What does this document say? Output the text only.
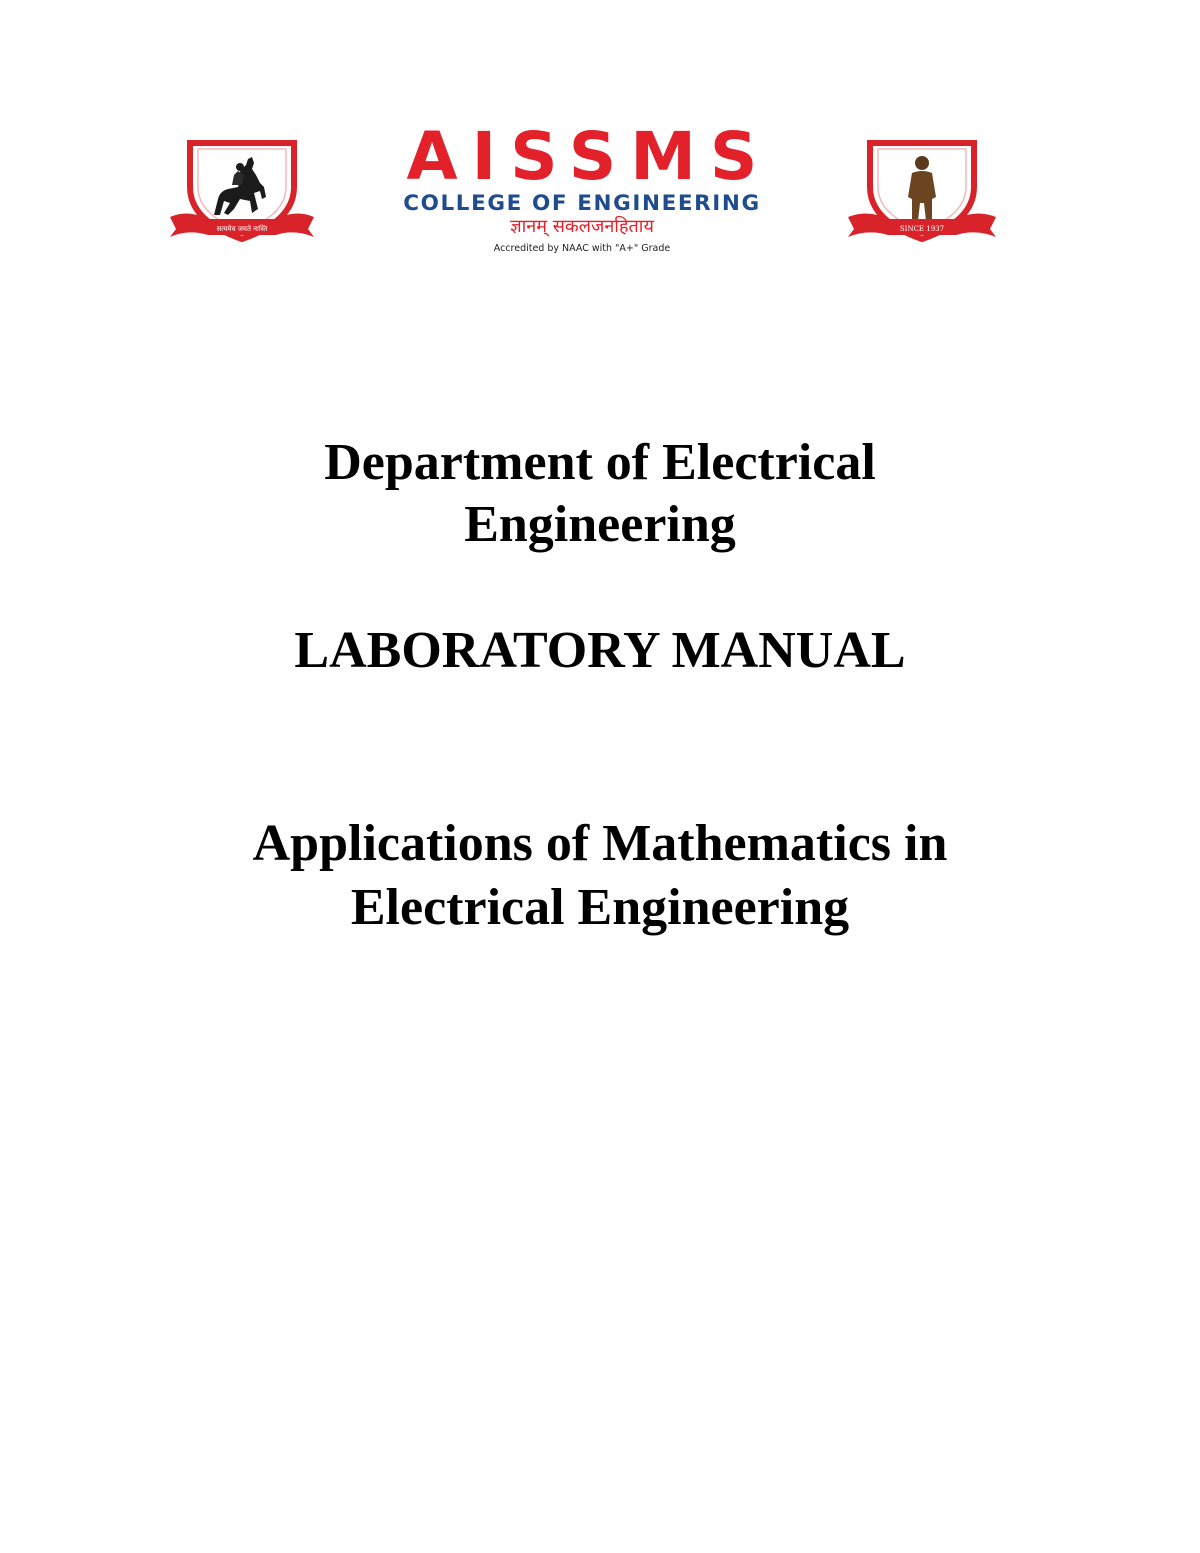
सत्यमेव जयते नास्ति
AISSMS
COLLEGE OF ENGINEERING
ज्ञानम् सकलजनहिताय
Accredited by NAAC with "A+" Grade
SINCE 1937
Department of Electrical
Engineering
LABORATORY MANUAL
Applications of Mathematics in
Electrical Engineering
